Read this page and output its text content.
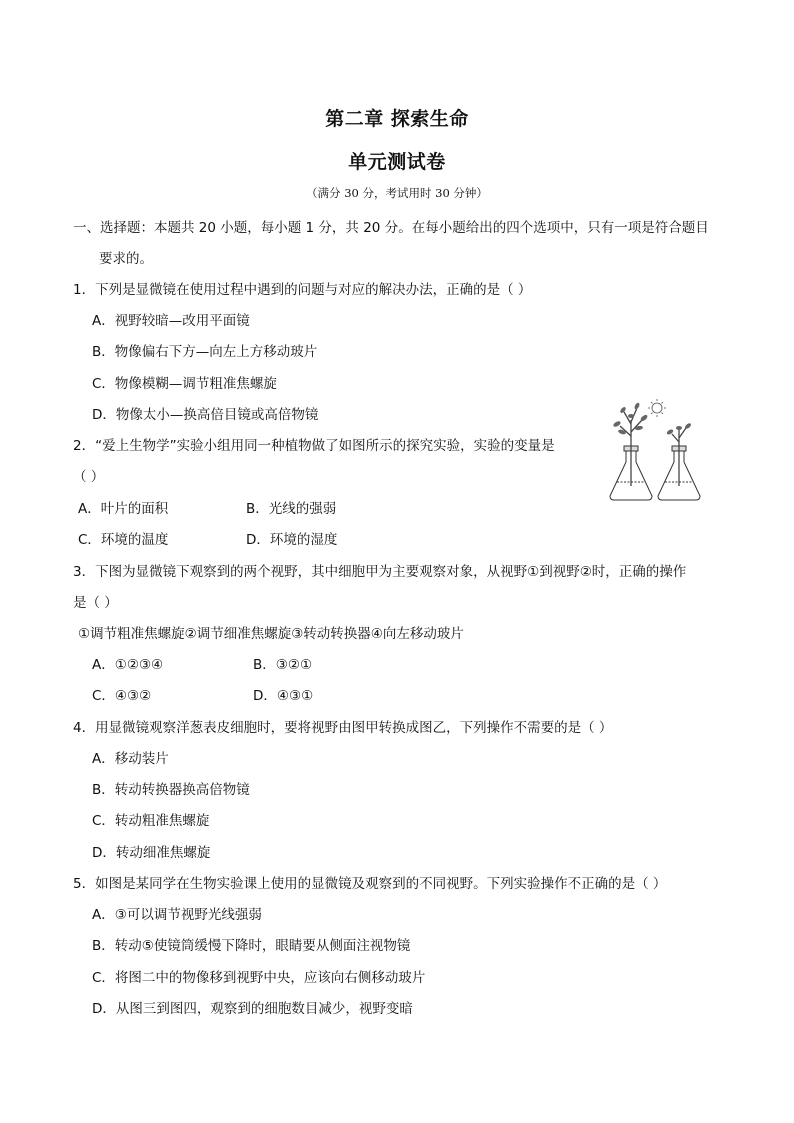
第二章 探索生命
单元测试卷
（满分 30 分，考试用时 30 分钟）
一、选择题：本题共 20 小题，每小题 1 分，共 20 分。在每小题给出的四个选项中，只有一项是符合题目
要求的。
1．下列是显微镜在使用过程中遇到的问题与对应的解决办法，正确的是（ ）
A．视野较暗—改用平面镜
B．物像偏右下方—向左上方移动玻片
C．物像模糊—调节粗准焦螺旋
D．物像太小—换高倍目镜或高倍物镜
2．“爱上生物学”实验小组用同一种植物做了如图所示的探究实验，实验的变量是
（ ）
A．叶片的面积	B．光线的强弱
C．环境的温度	D．环境的湿度
3．下图为显微镜下观察到的两个视野，其中细胞甲为主要观察对象，从视野①到视野②时，正确的操作
是（ ）
①调节粗准焦螺旋②调节细准焦螺旋③转动转换器④向左移动玻片
A．①②③④	B．③②①
C．④③②	D．④③①
4．用显微镜观察洋葱表皮细胞时，要将视野由图甲转换成图乙，下列操作不需要的是（ ）
A．移动装片
B．转动转换器换高倍物镜
C．转动粗准焦螺旋
D．转动细准焦螺旋
5．如图是某同学在生物实验课上使用的显微镜及观察到的不同视野。下列实验操作不正确的是（ ）
A．③可以调节视野光线强弱
B．转动⑤使镜筒缓慢下降时，眼睛要从侧面注视物镜
C．将图二中的物像移到视野中央，应该向右侧移动玻片
D．从图三到图四，观察到的细胞数目减少，视野变暗
